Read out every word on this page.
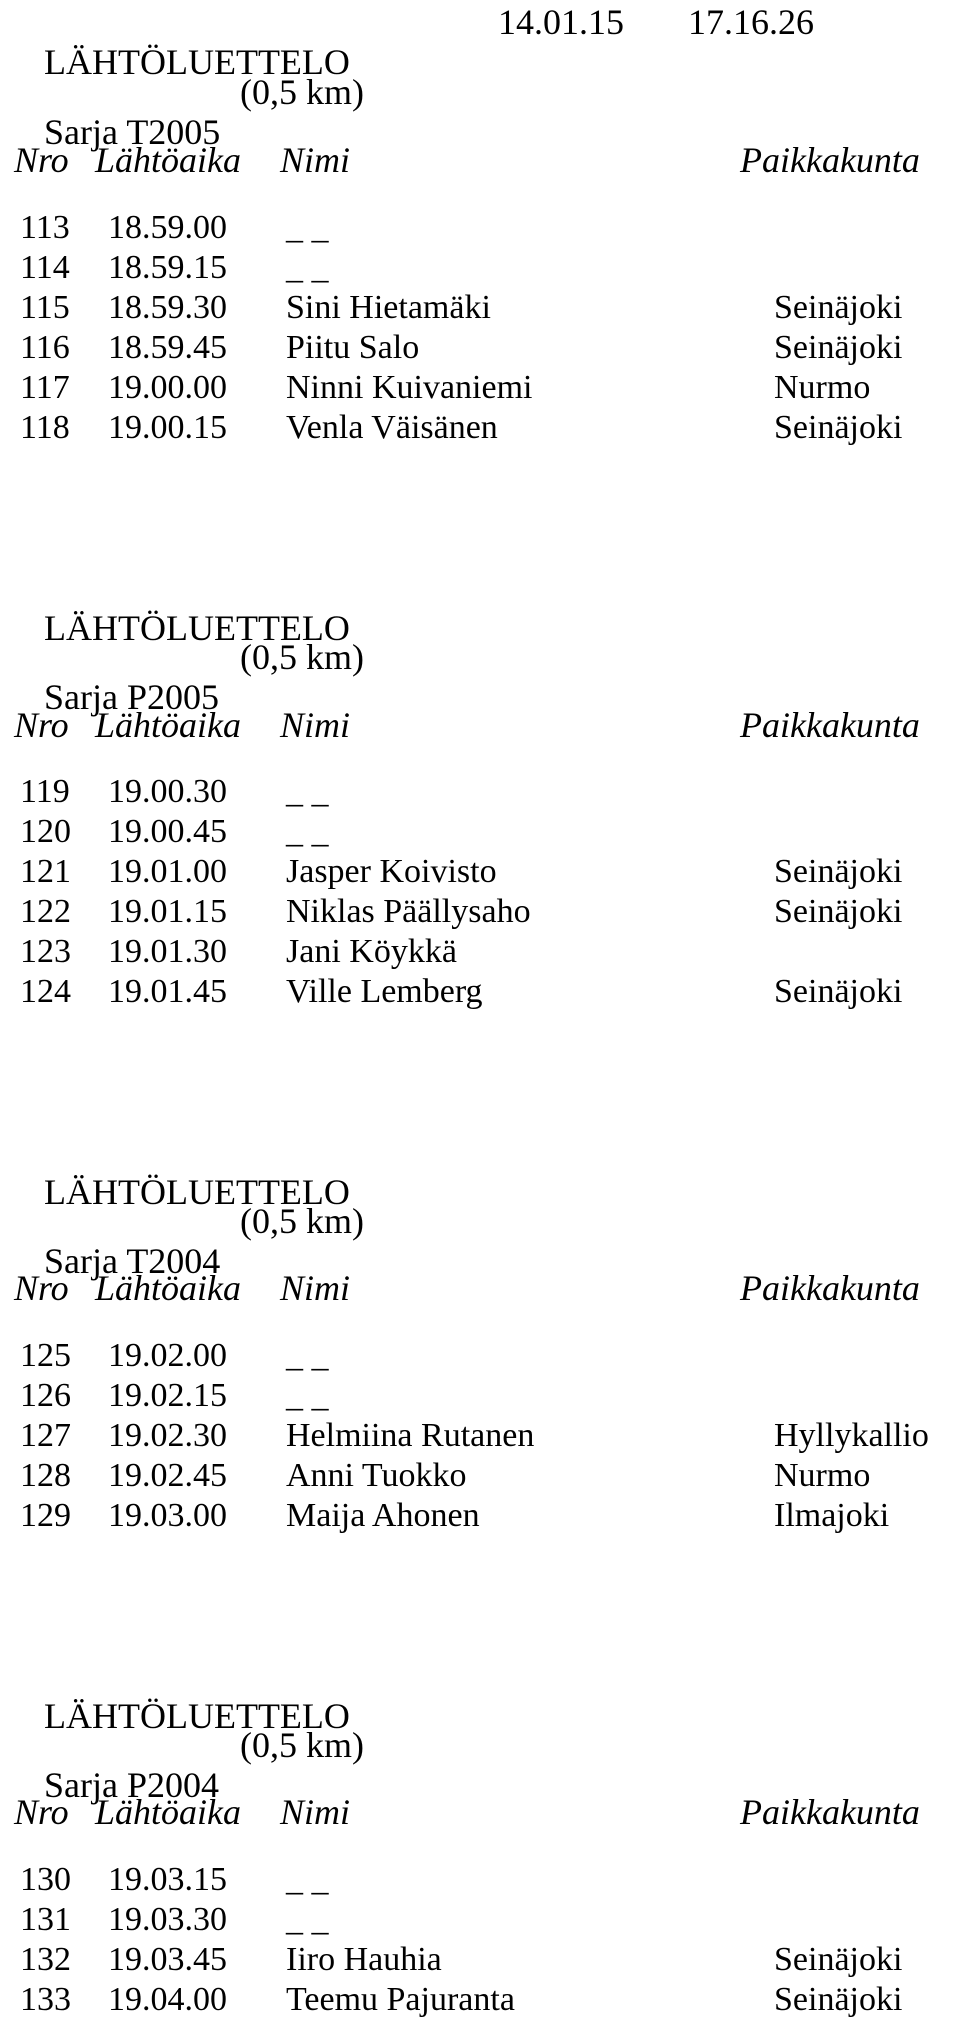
LÄHTÖLUETTELO

14.01.15

17.16.26

Sarja T2005

(0,5 km)

Nro Lähtöaika Nimi	Paikkakunta
113 18.59.00 _ _
114 18.59.15 _ _
115 18.59.30 Sini Hietamäki	Seinäjoki
116 18.59.45 Piitu Salo	Seinäjoki
117 19.00.00 Ninni Kuivaniemi	Nurmo
118 19.00.15 Venla Väisänen	Seinäjoki

LÄHTÖLUETTELO

Sarja P2005

(0,5 km)

Nro Lähtöaika Nimi	Paikkakunta
119 19.00.30 _ _
120 19.00.45 _ _
121 19.01.00 Jasper Koivisto	Seinäjoki
122 19.01.15 Niklas Päällysaho	Seinäjoki
123 19.01.30 Jani Köykkä
124 19.01.45 Ville Lemberg	Seinäjoki

LÄHTÖLUETTELO

Sarja T2004

(0,5 km)

Nro Lähtöaika Nimi	Paikkakunta
125 19.02.00 _ _
126 19.02.15 _ _
127 19.02.30 Helmiina Rutanen	Hyllykallio
128 19.02.45 Anni Tuokko	Nurmo
129 19.03.00 Maija Ahonen	Ilmajoki

LÄHTÖLUETTELO

Sarja P2004

(0,5 km)

Nro Lähtöaika Nimi	Paikkakunta
130 19.03.15 _ _
131 19.03.30 _ _
132 19.03.45 Iiro Hauhia	Seinäjoki
133 19.04.00 Teemu Pajuranta	Seinäjoki
